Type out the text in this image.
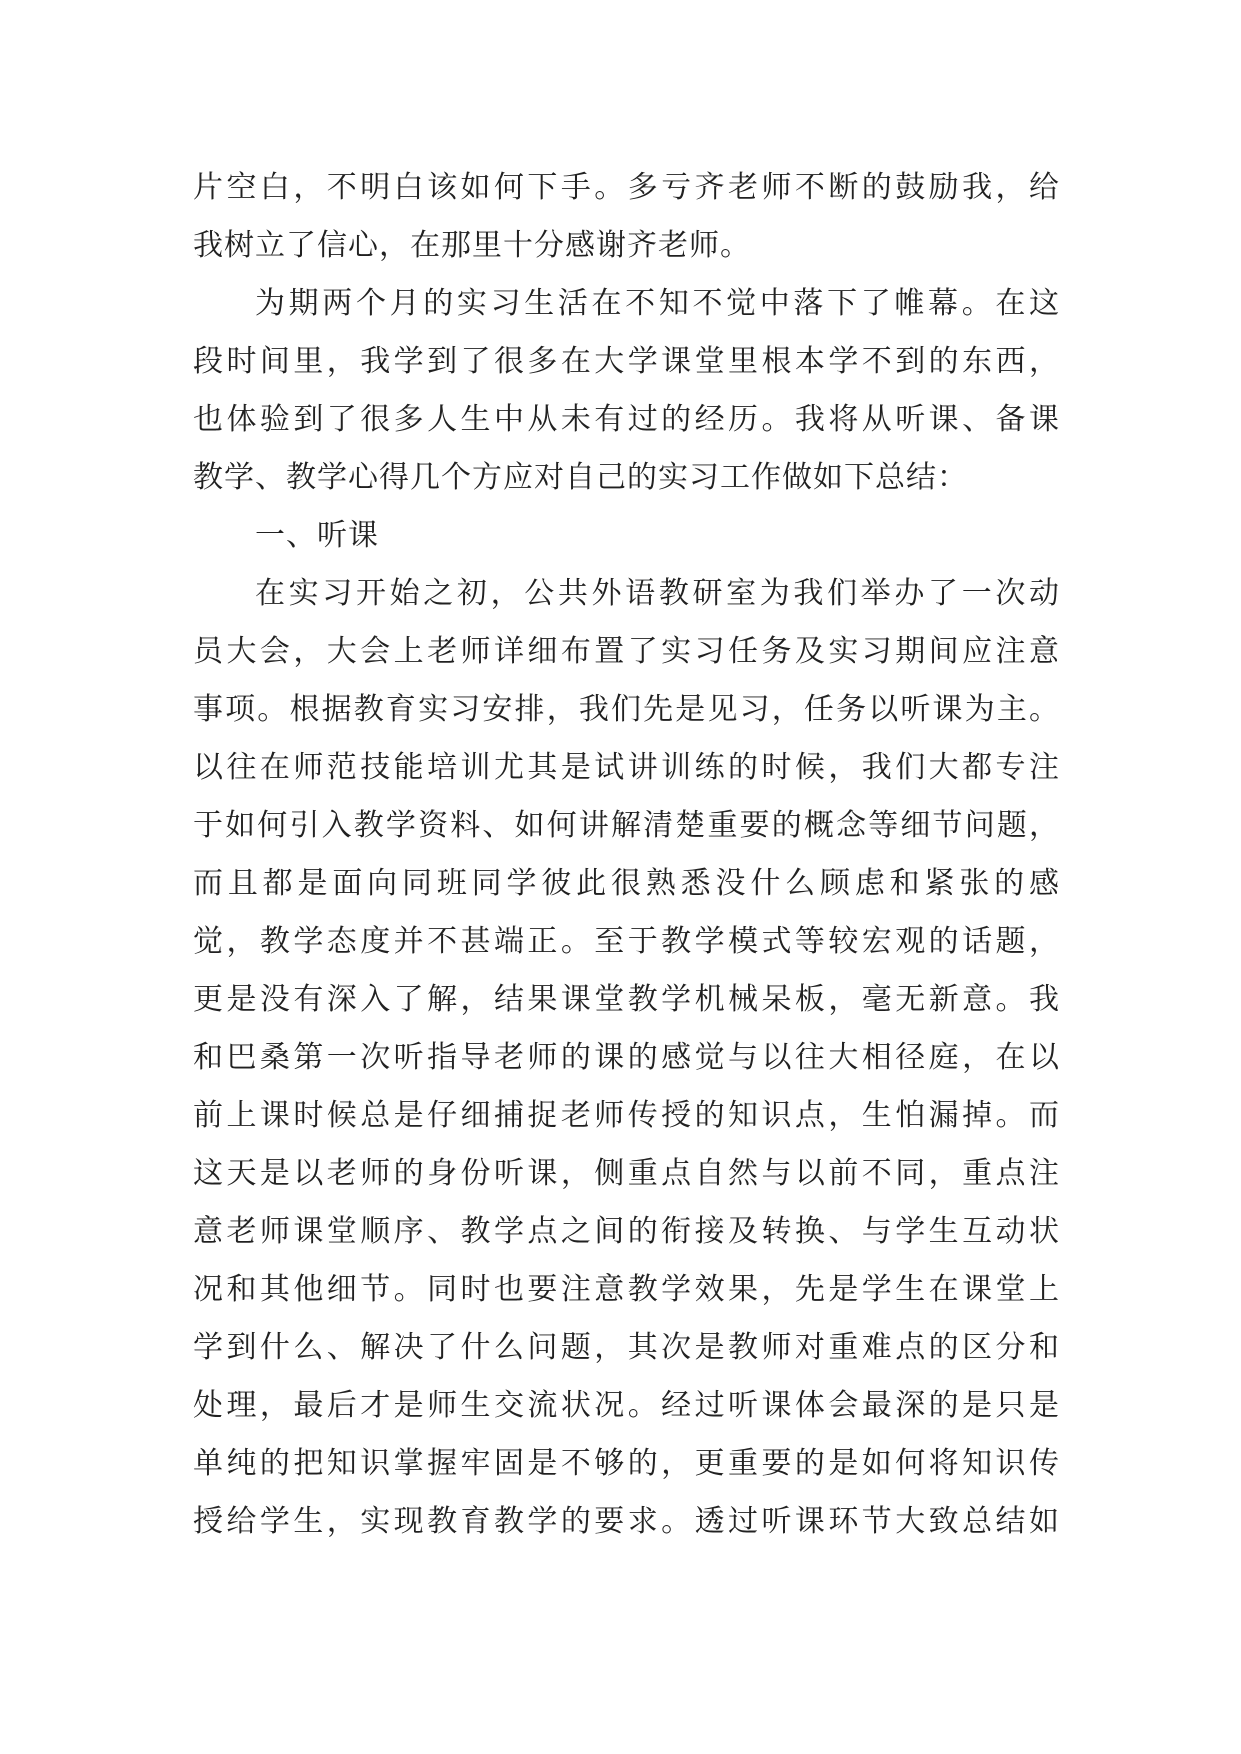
片空白，不明白该如何下手。多亏齐老师不断的鼓励我，给
我树立了信心，在那里十分感谢齐老师。
为期两个月的实习生活在不知不觉中落下了帷幕。在这
段时间里，我学到了很多在大学课堂里根本学不到的东西，
也体验到了很多人生中从未有过的经历。我将从听课、备课
教学、教学心得几个方应对自己的实习工作做如下总结：
一、听课
在实习开始之初，公共外语教研室为我们举办了一次动
员大会，大会上老师详细布置了实习任务及实习期间应注意
事项。根据教育实习安排，我们先是见习，任务以听课为主。
以往在师范技能培训尤其是试讲训练的时候，我们大都专注
于如何引入教学资料、如何讲解清楚重要的概念等细节问题，
而且都是面向同班同学彼此很熟悉没什么顾虑和紧张的感
觉，教学态度并不甚端正。至于教学模式等较宏观的话题，
更是没有深入了解，结果课堂教学机械呆板，毫无新意。我
和巴桑第一次听指导老师的课的感觉与以往大相径庭，在以
前上课时候总是仔细捕捉老师传授的知识点，生怕漏掉。而
这天是以老师的身份听课，侧重点自然与以前不同，重点注
意老师课堂顺序、教学点之间的衔接及转换、与学生互动状
况和其他细节。同时也要注意教学效果，先是学生在课堂上
学到什么、解决了什么问题，其次是教师对重难点的区分和
处理，最后才是师生交流状况。经过听课体会最深的是只是
单纯的把知识掌握牢固是不够的，更重要的是如何将知识传
授给学生，实现教育教学的要求。透过听课环节大致总结如
